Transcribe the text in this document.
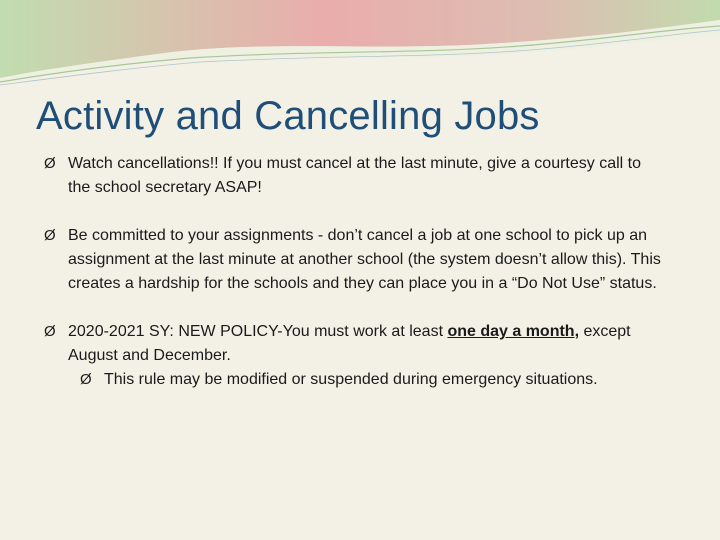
Activity and Cancelling Jobs
Ø Watch cancellations!! If you must cancel at the last minute, give a courtesy call to the school secretary ASAP!
Ø Be committed to your assignments - don’t cancel a job at one school to pick up an assignment at the last minute at another school (the system doesn’t allow this). This creates a hardship for the schools and they can place you in a “Do Not Use” status.
Ø 2020-2021 SY: NEW POLICY-You must work at least one day a month, except August and December.
Ø This rule may be modified or suspended during emergency situations.
